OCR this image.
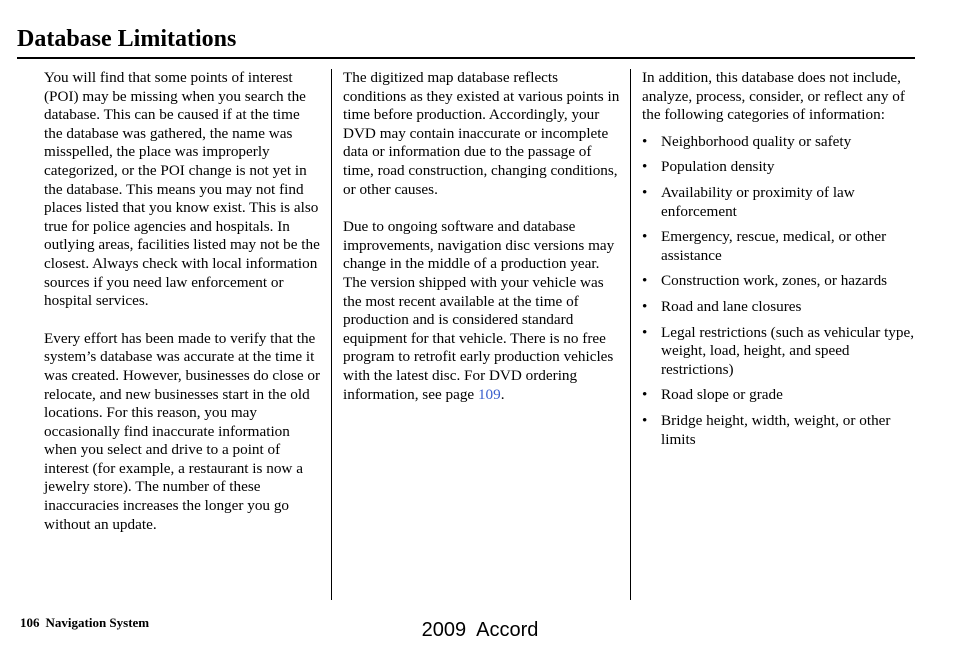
Database Limitations

You will find that some points of interest (POI) may be missing when you search the database. This can be caused if at the time the database was gathered, the name was misspelled, the place was improperly categorized, or the POI change is not yet in the database. This means you may not find places listed that you know exist. This is also true for police agencies and hospitals. In outlying areas, facilities listed may not be the closest. Always check with local information sources if you need law enforcement or hospital services.

Every effort has been made to verify that the system’s database was accurate at the time it was created. However, businesses do close or relocate, and new businesses start in the old locations. For this reason, you may occasionally find inaccurate information when you select and drive to a point of interest (for example, a restaurant is now a jewelry store). The number of these inaccuracies increases the longer you go without an update.

The digitized map database reflects conditions as they existed at various points in time before production. Accordingly, your DVD may contain inaccurate or incomplete data or information due to the passage of time, road construction, changing conditions, or other causes.

Due to ongoing software and database improvements, navigation disc versions may change in the middle of a production year. The version shipped with your vehicle was the most recent available at the time of production and is considered standard equipment for that vehicle. There is no free program to retrofit early production vehicles with the latest disc. For DVD ordering information, see page 109.

In addition, this database does not include, analyze, process, consider, or reflect any of the following categories of information:

• Neighborhood quality or safety
• Population density
• Availability or proximity of law enforcement
• Emergency, rescue, medical, or other assistance
• Construction work, zones, or hazards
• Road and lane closures
• Legal restrictions (such as vehicular type, weight, load, height, and speed restrictions)
• Road slope or grade
• Bridge height, width, weight, or other limits
106 Navigation System	2009  Accord
